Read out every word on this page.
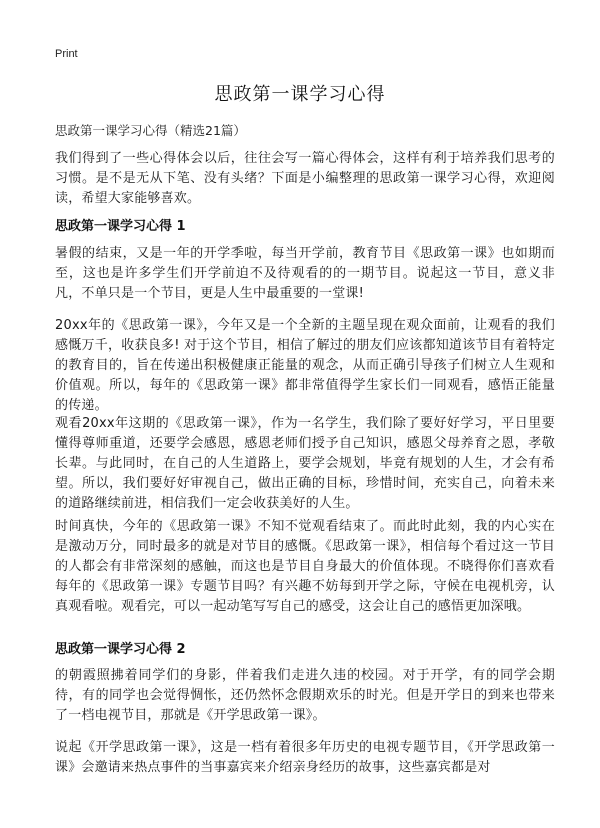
Print
思政第一课学习心得
思政第一课学习心得（精选21篇）
我们得到了一些心得体会以后，往往会写一篇心得体会，这样有利于培养我们思考的习惯。是不是无从下笔、没有头绪？下面是小编整理的思政第一课学习心得，欢迎阅读，希望大家能够喜欢。
思政第一课学习心得 1
暑假的结束，又是一年的开学季啦，每当开学前，教育节目《思政第一课》也如期而至，这也是许多学生们开学前迫不及待观看的的一期节目。说起这一节目，意义非凡，不单只是一个节目，更是人生中最重要的一堂课!
20xx年的《思政第一课》，今年又是一个全新的主题呈现在观众面前，让观看的我们感慨万千，收获良多! 对于这个节目，相信了解过的朋友们应该都知道该节目有着特定的教育目的，旨在传递出积极健康正能量的观念，从而正确引导孩子们树立人生观和价值观。所以，每年的《思政第一课》都非常值得学生家长们一同观看，感悟正能量的传递。
观看20xx年这期的《思政第一课》，作为一名学生，我们除了要好好学习，平日里要懂得尊师重道，还要学会感恩，感恩老师们授予自己知识，感恩父母养育之恩，孝敬长辈。与此同时，在自己的人生道路上，要学会规划，毕竟有规划的人生，才会有希望。所以，我们要好好审视自己，做出正确的目标，珍惜时间，充实自己，向着未来的道路继续前进，相信我们一定会收获美好的人生。
时间真快，今年的《思政第一课》不知不觉观看结束了。而此时此刻，我的内心实在是激动万分，同时最多的就是对节目的感慨。《思政第一课》，相信每个看过这一节目的人都会有非常深刻的感触，而这也是节目自身最大的价值体现。不晓得你们喜欢看每年的《思政第一课》专题节目吗？有兴趣不妨每到开学之际，守候在电视机旁，认真观看啦。观看完，可以一起动笔写写自己的感受，这会让自己的感悟更加深哦。
思政第一课学习心得 2
的朝霞照拂着同学们的身影，伴着我们走进久违的校园。对于开学，有的同学会期待，有的同学也会觉得惆怅，还仍然怀念假期欢乐的时光。但是开学日的到来也带来了一档电视节目，那就是《开学思政第一课》。
说起《开学思政第一课》，这是一档有着很多年历史的电视专题节目，《开学思政第一课》会邀请来热点事件的当事嘉宾来介绍亲身经历的故事，这些嘉宾都是对
